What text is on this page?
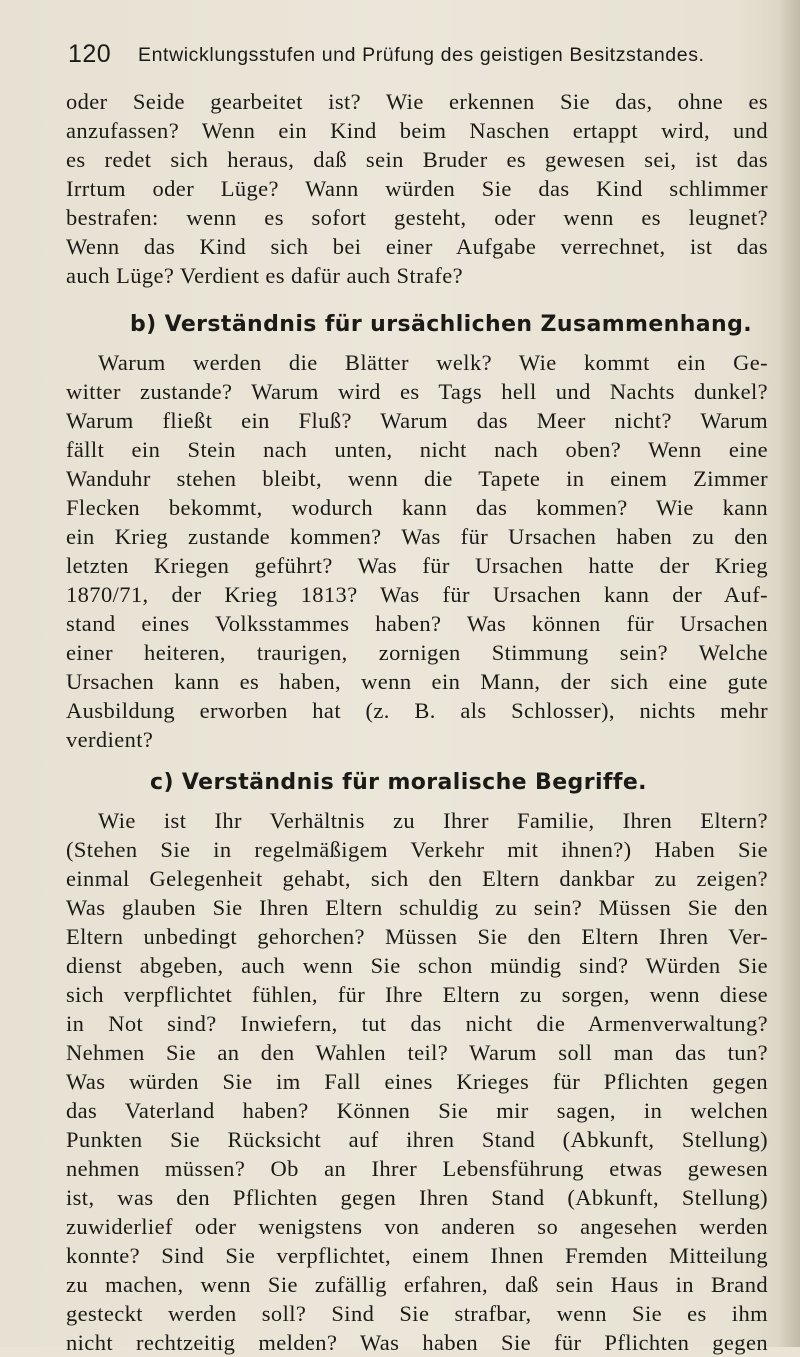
120 Entwicklungsstufen und Prüfung des geistigen Besitzstandes.
oder Seide gearbeitet ist? Wie erkennen Sie das, ohne es
anzufassen? Wenn ein Kind beim Naschen ertappt wird, und
es redet sich heraus, daß sein Bruder es gewesen sei, ist das
Irrtum oder Lüge? Wann würden Sie das Kind schlimmer
bestrafen: wenn es sofort gesteht, oder wenn es leugnet?
Wenn das Kind sich bei einer Aufgabe verrechnet, ist das
auch Lüge? Verdient es dafür auch Strafe?
b) Verständnis für ursächlichen Zusammenhang.
Warum werden die Blätter welk? Wie kommt ein Ge-
witter zustande? Warum wird es Tags hell und Nachts dunkel?
Warum fließt ein Fluß? Warum das Meer nicht? Warum
fällt ein Stein nach unten, nicht nach oben? Wenn eine
Wanduhr stehen bleibt, wenn die Tapete in einem Zimmer
Flecken bekommt, wodurch kann das kommen? Wie kann
ein Krieg zustande kommen? Was für Ursachen haben zu den
letzten Kriegen geführt? Was für Ursachen hatte der Krieg
1870/71, der Krieg 1813? Was für Ursachen kann der Auf-
stand eines Volksstammes haben? Was können für Ursachen
einer heiteren, traurigen, zornigen Stimmung sein? Welche
Ursachen kann es haben, wenn ein Mann, der sich eine gute
Ausbildung erworben hat (z. B. als Schlosser), nichts mehr
verdient?
c) Verständnis für moralische Begriffe.
Wie ist Ihr Verhältnis zu Ihrer Familie, Ihren Eltern?
(Stehen Sie in regelmäßigem Verkehr mit ihnen?) Haben Sie
einmal Gelegenheit gehabt, sich den Eltern dankbar zu zeigen?
Was glauben Sie Ihren Eltern schuldig zu sein? Müssen Sie den
Eltern unbedingt gehorchen? Müssen Sie den Eltern Ihren Ver-
dienst abgeben, auch wenn Sie schon mündig sind? Würden Sie
sich verpflichtet fühlen, für Ihre Eltern zu sorgen, wenn diese
in Not sind? Inwiefern, tut das nicht die Armenverwaltung?
Nehmen Sie an den Wahlen teil? Warum soll man das tun?
Was würden Sie im Fall eines Krieges für Pflichten gegen
das Vaterland haben? Können Sie mir sagen, in welchen
Punkten Sie Rücksicht auf ihren Stand (Abkunft, Stellung)
nehmen müssen? Ob an Ihrer Lebensführung etwas gewesen
ist, was den Pflichten gegen Ihren Stand (Abkunft, Stellung)
zuwiderlief oder wenigstens von anderen so angesehen werden
konnte? Sind Sie verpflichtet, einem Ihnen Fremden Mitteilung
zu machen, wenn Sie zufällig erfahren, daß sein Haus in Brand
gesteckt werden soll? Sind Sie strafbar, wenn Sie es ihm
nicht rechtzeitig melden? Was haben Sie für Pflichten gegen
